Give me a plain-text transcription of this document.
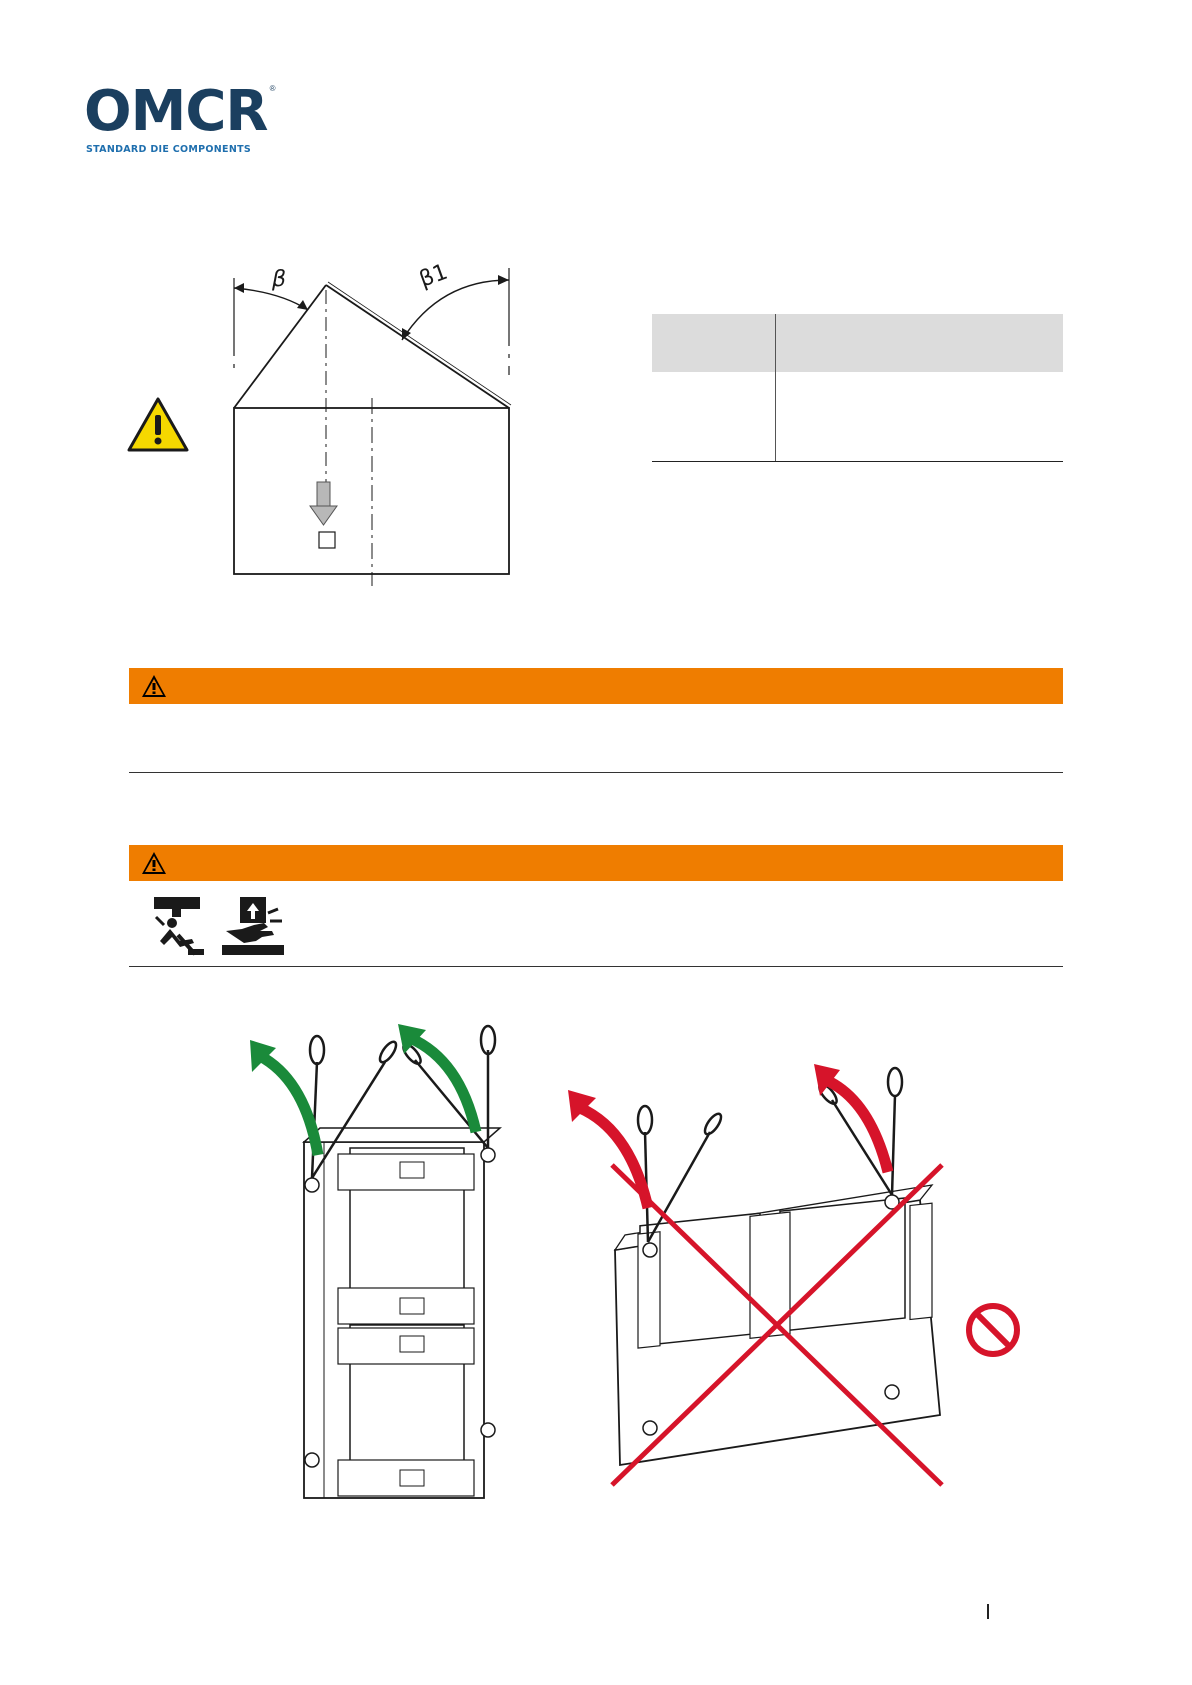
OMCR ®
STANDARD DIE COMPONENTS
β	β1
